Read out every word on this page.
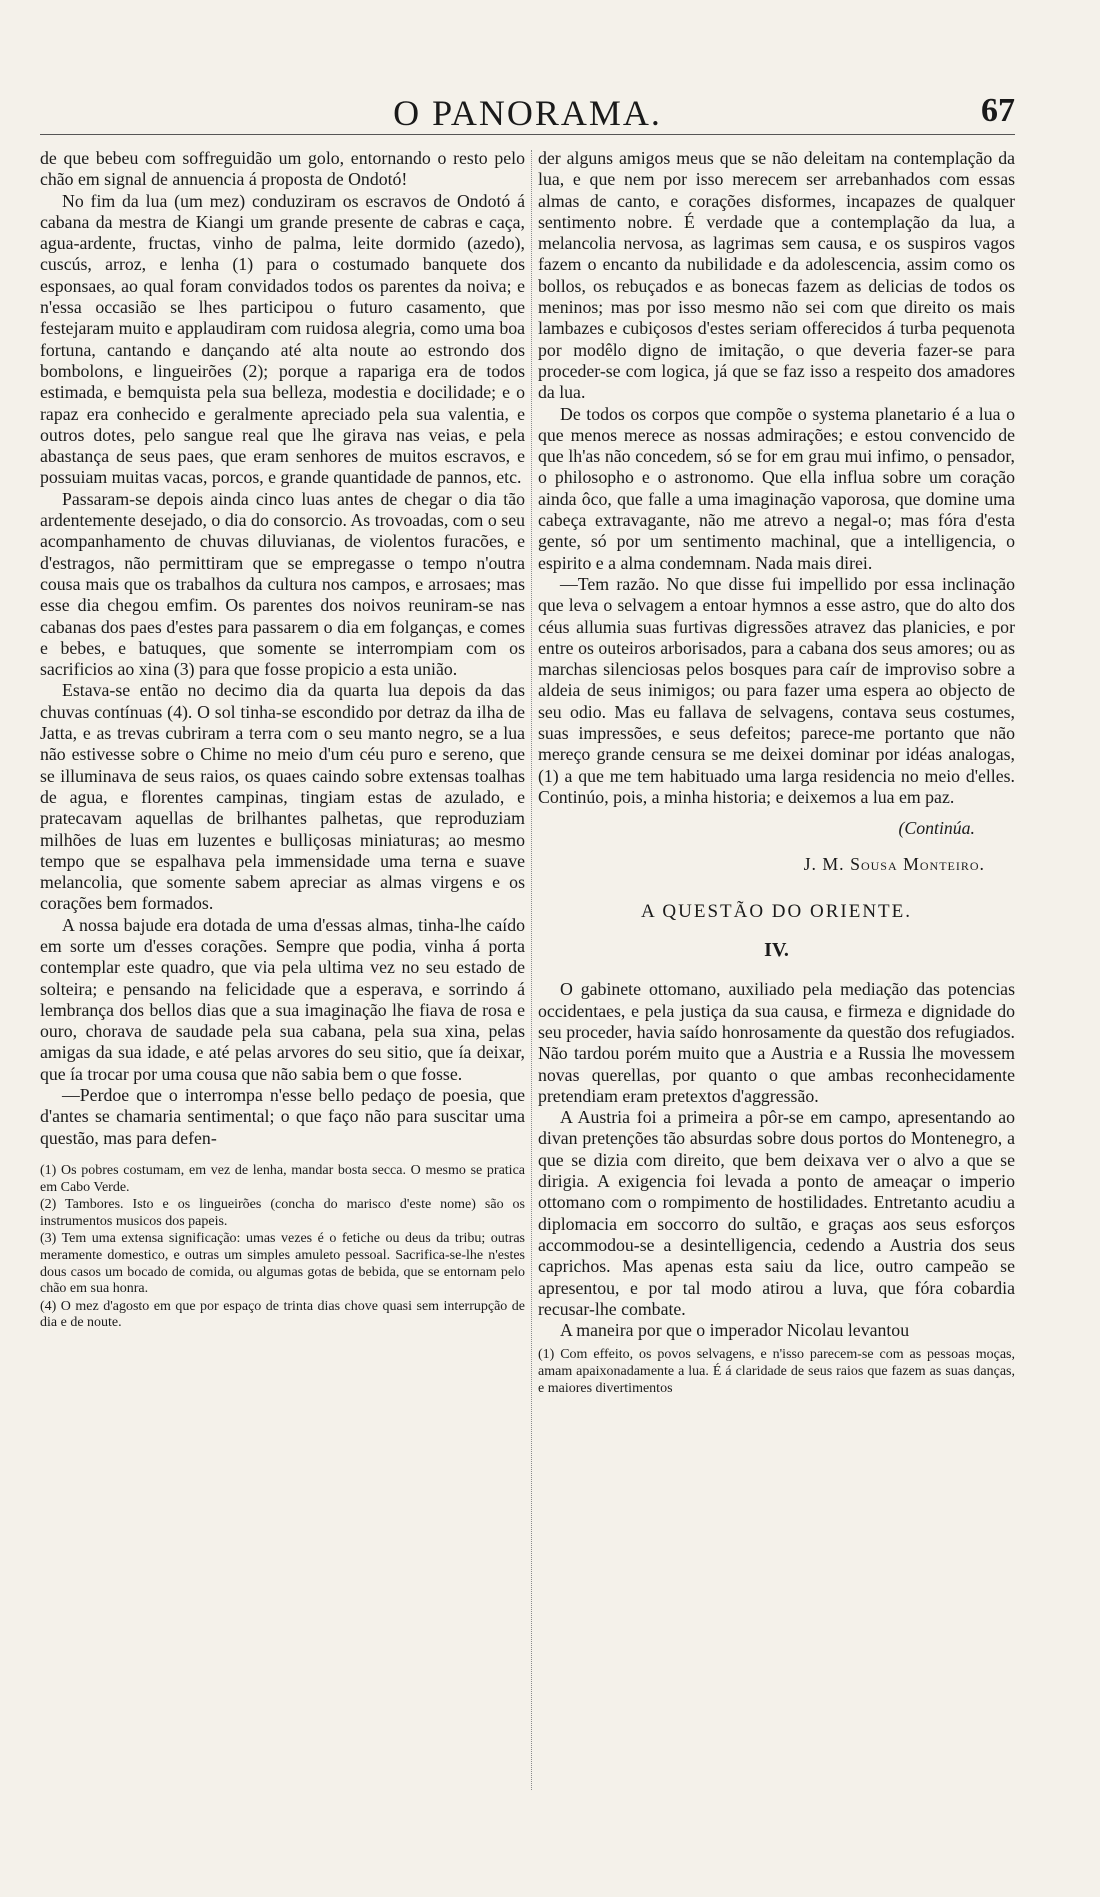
O PANORAMA.	67

de que bebeu com soffreguidão um golo, entornando o resto pelo chão em signal de annuencia á proposta de Ondotó!

No fim da lua (um mez) conduziram os escravos de Ondotó á cabana da mestra de Kiangi um grande presente de cabras e caça, agua-ardente, fructas, vinho de palma, leite dormido (azedo), cuscús, arroz, e lenha (1) para o costumado banquete dos esponsaes, ao qual foram convidados todos os parentes da noiva; e n'essa occasião se lhes participou o futuro casamento, que festejaram muito e applaudiram com ruidosa alegria, como uma boa fortuna, cantando e dançando até alta noute ao estrondo dos bombolons, e lingueirões (2); porque a rapariga era de todos estimada, e bemquista pela sua belleza, modestia e docilidade; e o rapaz era conhecido e geralmente apreciado pela sua valentia, e outros dotes, pelo sangue real que lhe girava nas veias, e pela abastança de seus paes, que eram senhores de muitos escravos, e possuiam muitas vacas, porcos, e grande quantidade de pannos, etc.

Passaram-se depois ainda cinco luas antes de chegar o dia tão ardentemente desejado, o dia do consorcio. As trovoadas, com o seu acompanhamento de chuvas diluvianas, de violentos furacões, e d'estragos, não permittiram que se empregasse o tempo n'outra cousa mais que os trabalhos da cultura nos campos, e arrosaes; mas esse dia chegou emfim. Os parentes dos noivos reuniram-se nas cabanas dos paes d'estes para passarem o dia em folganças, e comes e bebes, e batuques, que somente se interrompiam com os sacrificios ao xina (3) para que fosse propicio a esta união.

Estava-se então no decimo dia da quarta lua depois da das chuvas contínuas (4). O sol tinha-se escondido por detraz da ilha de Jatta, e as trevas cubriram a terra com o seu manto negro, se a lua não estivesse sobre o Chime no meio d'um céu puro e sereno, que se illuminava de seus raios, os quaes caindo sobre extensas toalhas de agua, e florentes campinas, tingiam estas de azulado, e pratecavam aquellas de brilhantes palhetas, que reproduziam milhões de luas em luzentes e bulliçosas miniaturas; ao mesmo tempo que se espalhava pela immensidade uma terna e suave melancolia, que somente sabem apreciar as almas virgens e os corações bem formados.

A nossa bajude era dotada de uma d'essas almas, tinha-lhe caído em sorte um d'esses corações. Sempre que podia, vinha á porta contemplar este quadro, que via pela ultima vez no seu estado de solteira; e pensando na felicidade que a esperava, e sorrindo á lembrança dos bellos dias que a sua imaginação lhe fiava de rosa e ouro, chorava de saudade pela sua cabana, pela sua xina, pelas amigas da sua idade, e até pelas arvores do seu sitio, que ía deixar, que ía trocar por uma cousa que não sabia bem o que fosse.

—Perdoe que o interrompa n'esse bello pedaço de poesia, que d'antes se chamaria sentimental; o que faço não para suscitar uma questão, mas para defen-

(1) Os pobres costumam, em vez de lenha, mandar bosta secca. O mesmo se pratica em Cabo Verde.

(2) Tambores. Isto e os lingueirões (concha do marisco d'este nome) são os instrumentos musicos dos papeis.

(3) Tem uma extensa significação: umas vezes é o fetiche ou deus da tribu; outras meramente domestico, e outras um simples amuleto pessoal. Sacrifica-se-lhe n'estes dous casos um bocado de comida, ou algumas gotas de bebida, que se entornam pelo chão em sua honra.

(4) O mez d'agosto em que por espaço de trinta dias chove quasi sem interrupção de dia e de noute.

der alguns amigos meus que se não deleitam na contemplação da lua, e que nem por isso merecem ser arrebanhados com essas almas de canto, e corações disformes, incapazes de qualquer sentimento nobre. É verdade que a contemplação da lua, a melancolia nervosa, as lagrimas sem causa, e os suspiros vagos fazem o encanto da nubilidade e da adolescencia, assim como os bollos, os rebuçados e as bonecas fazem as delicias de todos os meninos; mas por isso mesmo não sei com que direito os mais lambazes e cubiçosos d'estes seriam offerecidos á turba pequenota por modêlo digno de imitação, o que deveria fazer-se para proceder-se com logica, já que se faz isso a respeito dos amadores da lua.

De todos os corpos que compõe o systema planetario é a lua o que menos merece as nossas admirações; e estou convencido de que lh'as não concedem, só se for em grau mui infimo, o pensador, o philosopho e o astronomo. Que ella influa sobre um coração ainda ôco, que falle a uma imaginação vaporosa, que domine uma cabeça extravagante, não me atrevo a negal-o; mas fóra d'esta gente, só por um sentimento machinal, que a intelligencia, o espirito e a alma condemnam. Nada mais direi.

—Tem razão. No que disse fui impellido por essa inclinação que leva o selvagem a entoar hymnos a esse astro, que do alto dos céus allumia suas furtivas digressões atravez das planicies, e por entre os outeiros arborisados, para a cabana dos seus amores; ou as marchas silenciosas pelos bosques para caír de improviso sobre a aldeia de seus inimigos; ou para fazer uma espera ao objecto de seu odio. Mas eu fallava de selvagens, contava seus costumes, suas impressões, e seus defeitos; parece-me portanto que não mereço grande censura se me deixei dominar por idéas analogas, (1) a que me tem habituado uma larga residencia no meio d'elles. Continúo, pois, a minha historia; e deixemos a lua em paz.

(Continúa.
J. M. Sousa Monteiro.
A QUESTÃO DO ORIENTE.
IV.

O gabinete ottomano, auxiliado pela mediação das potencias occidentaes, e pela justiça da sua causa, e firmeza e dignidade do seu proceder, havia saído honrosamente da questão dos refugiados. Não tardou porém muito que a Austria e a Russia lhe movessem novas querellas, por quanto o que ambas reconhecidamente pretendiam eram pretextos d'aggressão.

A Austria foi a primeira a pôr-se em campo, apresentando ao divan pretenções tão absurdas sobre dous portos do Montenegro, a que se dizia com direito, que bem deixava ver o alvo a que se dirigia. A exigencia foi levada a ponto de ameaçar o imperio ottomano com o rompimento de hostilidades. Entretanto acudiu a diplomacia em soccorro do sultão, e graças aos seus esforços accommodou-se a desintelligencia, cedendo a Austria dos seus caprichos. Mas apenas esta saiu da lice, outro campeão se apresentou, e por tal modo atirou a luva, que fóra cobardia recusar-lhe combate.

A maneira por que o imperador Nicolau levantou

(1) Com effeito, os povos selvagens, e n'isso parecem-se com as pessoas moças, amam apaixonadamente a lua. É á claridade de seus raios que fazem as suas danças, e maiores divertimentos
